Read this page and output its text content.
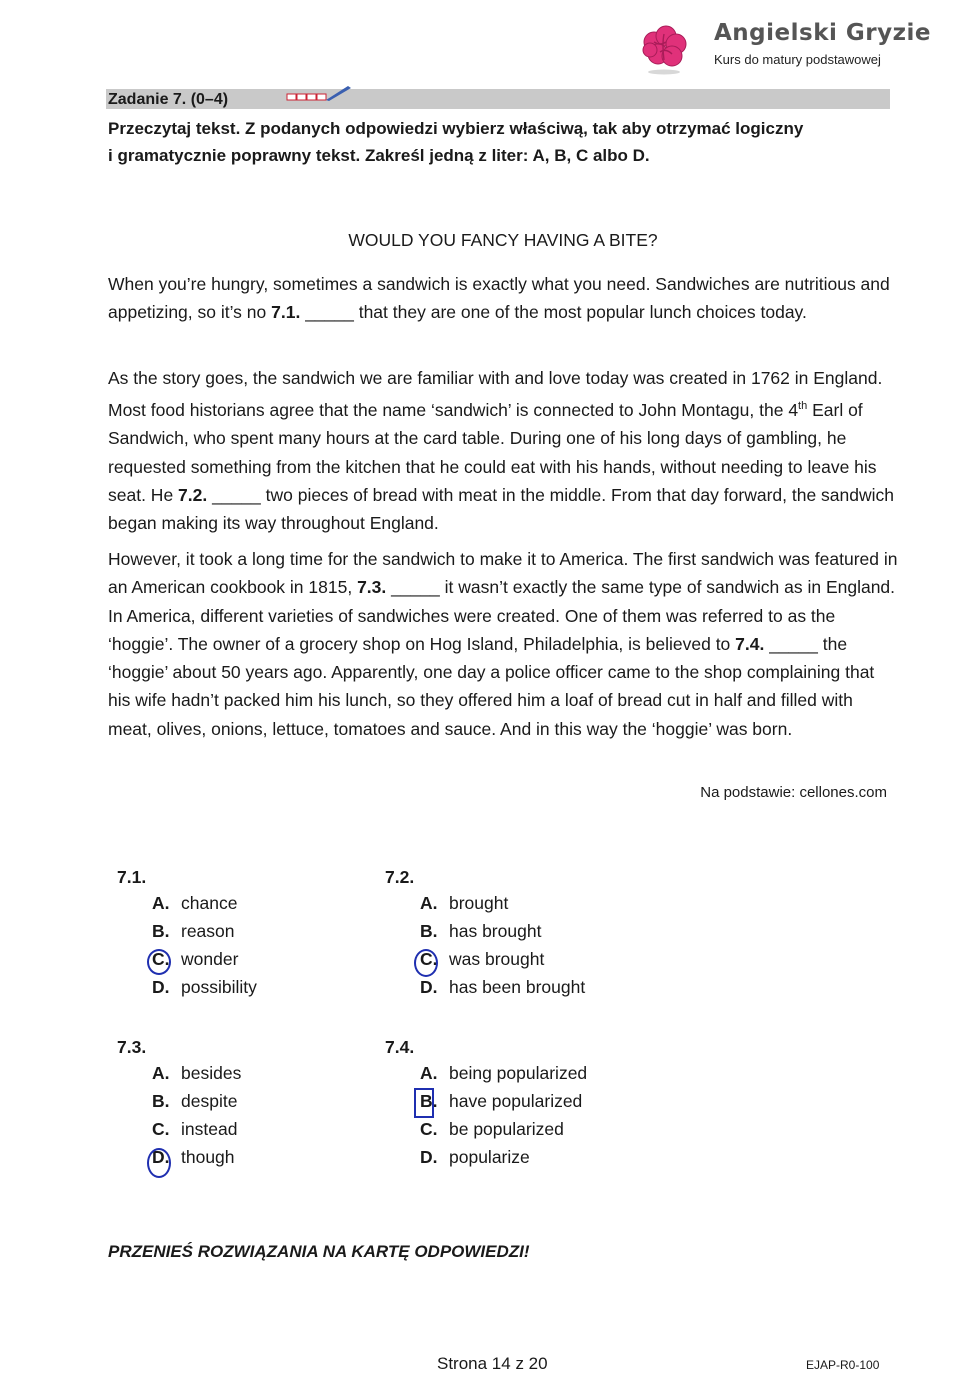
Angielski Gryzie
Kurs do matury podstawowej
Zadanie 7. (0–4)
Przeczytaj tekst. Z podanych odpowiedzi wybierz właściwą, tak aby otrzymać logiczny
i gramatycznie poprawny tekst. Zakreśl jedną z liter: A, B, C albo D.
WOULD YOU FANCY HAVING A BITE?
When you’re hungry, sometimes a sandwich is exactly what you need. Sandwiches are nutritious and appetizing, so it’s no 7.1. _____ that they are one of the most popular lunch choices today.
As the story goes, the sandwich we are familiar with and love today was created in 1762 in England. Most food historians agree that the name ‘sandwich’ is connected to John Montagu, the 4th Earl of Sandwich, who spent many hours at the card table. During one of his long days of gambling, he requested something from the kitchen that he could eat with his hands, without needing to leave his seat. He 7.2. _____ two pieces of bread with meat in the middle. From that day forward, the sandwich began making its way throughout England.
However, it took a long time for the sandwich to make it to America. The first sandwich was featured in an American cookbook in 1815, 7.3. _____ it wasn’t exactly the same type of sandwich as in England. In America, different varieties of sandwiches were created. One of them was referred to as the ‘hoggie’. The owner of a grocery shop on Hog Island, Philadelphia, is believed to 7.4. _____ the ‘hoggie’ about 50 years ago. Apparently, one day a police officer came to the shop complaining that his wife hadn’t packed him his lunch, so they offered him a loaf of bread cut in half and filled with meat, olives, onions, lettuce, tomatoes and sauce. And in this way the ‘hoggie’ was born.
Na podstawie: cellones.com
7.1.
A. chance
B. reason
C. wonder
D. possibility
7.2.
A. brought
B. has brought
C. was brought
D. has been brought
7.3.
A. besides
B. despite
C. instead
D. though
7.4.
A. being popularized
B. have popularized
C. be popularized
D. popularize
PRZENIEŚ ROZWIĄZANIA NA KARTĘ ODPOWIEDZI!
Strona 14 z 20	EJAP-R0-100
